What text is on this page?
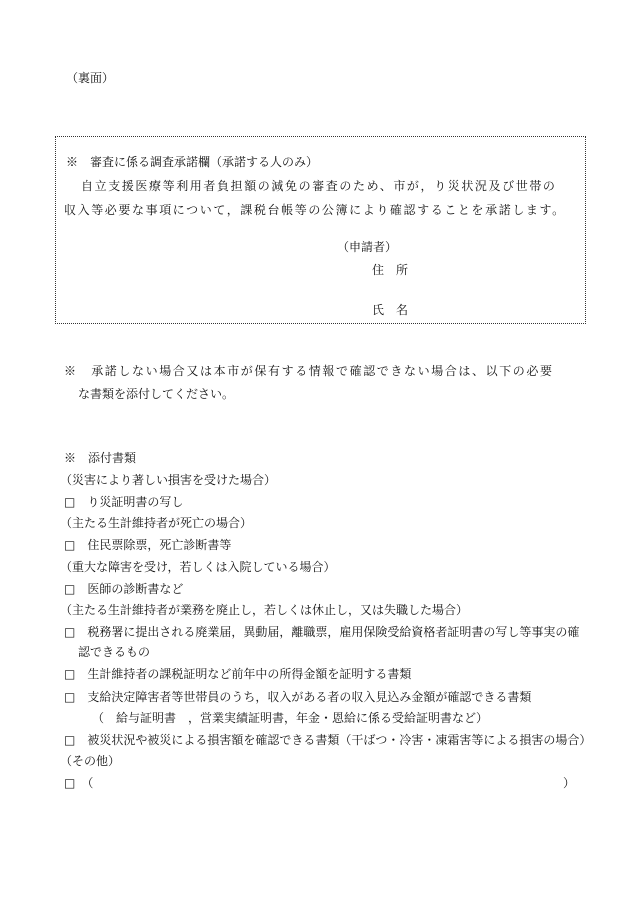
（裏面）
※　審査に係る調査承諾欄（承諾する人のみ）
自立支援医療等利用者負担額の減免の審査のため、市が，り災状況及び世帯の
収入等必要な事項について，課税台帳等の公簿により確認することを承諾します。
（申請者）
住　所
氏　名
※　承諾しない場合又は本市が保有する情報で確認できない場合は、以下の必要
な書類を添付してください。
※　添付書類
（災害により著しい損害を受けた場合）
□　り災証明書の写し
（主たる生計維持者が死亡の場合）
□　住民票除票，死亡診断書等
（重大な障害を受け，若しくは入院している場合）
□　医師の診断書など
（主たる生計維持者が業務を廃止し，若しくは休止し，又は失職した場合）
□　税務署に提出される廃業届，異動届，離職票，雇用保険受給資格者証明書の写し等事実の確
認できるもの
□　生計維持者の課税証明など前年中の所得金額を証明する書類
□　支給決定障害者等世帯員のうち，収入がある者の収入見込み金額が確認できる書類
（　給与証明書　，営業実績証明書，年金・恩給に係る受給証明書など）
□　被災状況や被災による損害額を確認できる書類（干ばつ・冷害・凍霜害等による損害の場合）
（その他）
□　（	）
